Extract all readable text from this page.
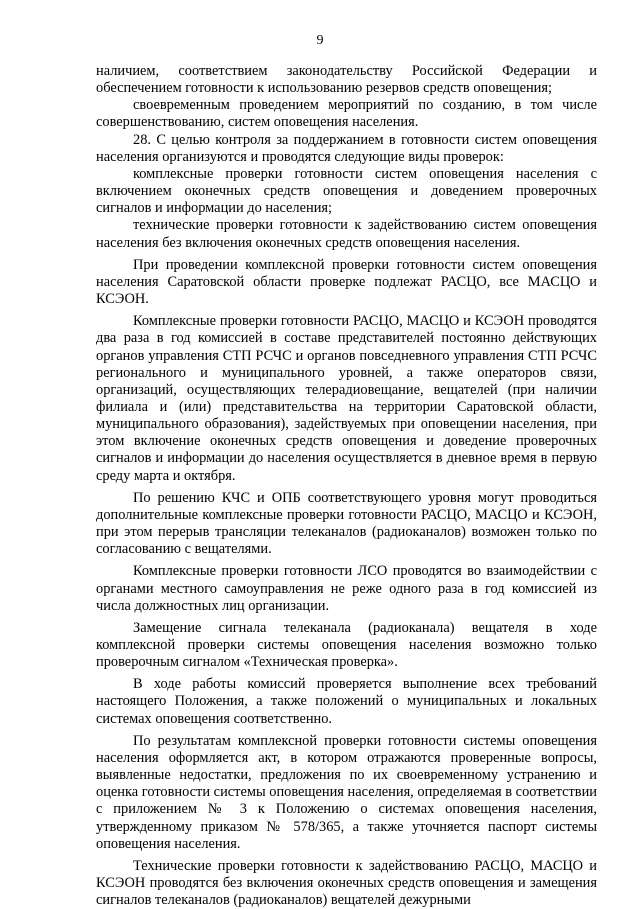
9

наличием, соответствием законодательству Российской Федерации и обеспечением готовности к использованию резервов средств оповещения;

своевременным проведением мероприятий по созданию, в том числе совершенствованию, систем оповещения населения.

28. С целью контроля за поддержанием в готовности систем оповещения населения организуются и проводятся следующие виды проверок:

комплексные проверки готовности систем оповещения населения с включением оконечных средств оповещения и доведением проверочных сигналов и информации до населения;

технические проверки готовности к задействованию систем оповещения населения без включения оконечных средств оповещения населения.

При проведении комплексной проверки готовности систем оповещения населения Саратовской области проверке подлежат РАСЦО, все МАСЦО и КСЭОН.

Комплексные проверки готовности РАСЦО, МАСЦО и КСЭОН проводятся два раза в год комиссией в составе представителей постоянно действующих органов управления СТП РСЧС и органов повседневного управления СТП РСЧС регионального и муниципального уровней, а также операторов связи, организаций, осуществляющих телерадиовещание, вещателей (при наличии филиала и (или) представительства на территории Саратовской области, муниципального образования), задействуемых при оповещении населения, при этом включение оконечных средств оповещения и доведение проверочных сигналов и информации до населения осуществляется в дневное время в первую среду марта и октября.

По решению КЧС и ОПБ соответствующего уровня могут проводиться дополнительные комплексные проверки готовности РАСЦО, МАСЦО и КСЭОН, при этом перерыв трансляции телеканалов (радиоканалов) возможен только по согласованию с вещателями.

Комплексные проверки готовности ЛСО проводятся во взаимодействии с органами местного самоуправления не реже одного раза в год комиссией из числа должностных лиц организации.

Замещение сигнала телеканала (радиоканала) вещателя в ходе комплексной проверки системы оповещения населения возможно только проверочным сигналом «Техническая проверка».

В ходе работы комиссий проверяется выполнение всех требований настоящего Положения, а также положений о муниципальных и локальных системах оповещения соответственно.

По результатам комплексной проверки готовности системы оповещения населения оформляется акт, в котором отражаются проверенные вопросы, выявленные недостатки, предложения по их своевременному устранению и оценка готовности системы оповещения населения, определяемая в соответствии с приложением № 3 к Положению о системах оповещения населения, утвержденному приказом № 578/365, а также уточняется паспорт системы оповещения населения.

Технические проверки готовности к задействованию РАСЦО, МАСЦО и КСЭОН проводятся без включения оконечных средств оповещения и замещения сигналов телеканалов (радиоканалов) вещателей дежурными
